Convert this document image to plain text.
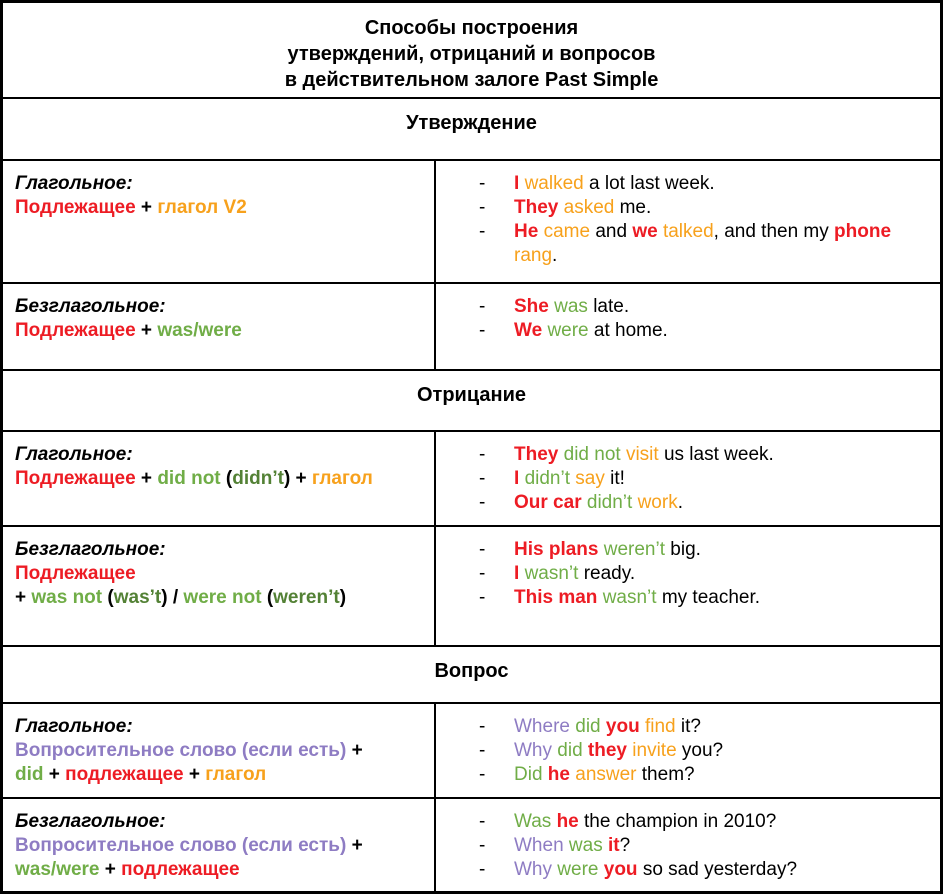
Способы построения
утверждений, отрицаний и вопросов
в действительном залоге Past Simple
Утверждение
Глагольное:
Подлежащее + глагол V2
-	I walked a lot last week.
-	They asked me.
-	He came and we talked, and then my phone rang.
Безглагольное:
Подлежащее + was/were
-	She was late.
-	We were at home.
Отрицание
Глагольное:
Подлежащее + did not (didn’t) + глагол
-	They did not visit us last week.
-	I didn’t say it!
-	Our car didn’t work.
Безглагольное:
Подлежащее
+ was not (was’t) / were not (weren’t)
-	His plans weren’t big.
-	I wasn’t ready.
-	This man wasn’t my teacher.
Вопрос
Глагольное:
Вопросительное слово (если есть) +
did + подлежащее + глагол
-	Where did you find it?
-	Why did they invite you?
-	Did he answer them?
Безглагольное:
Вопросительное слово (если есть) +
was/were + подлежащее
-	Was he the champion in 2010?
-	When was it?
-	Why were you so sad yesterday?
